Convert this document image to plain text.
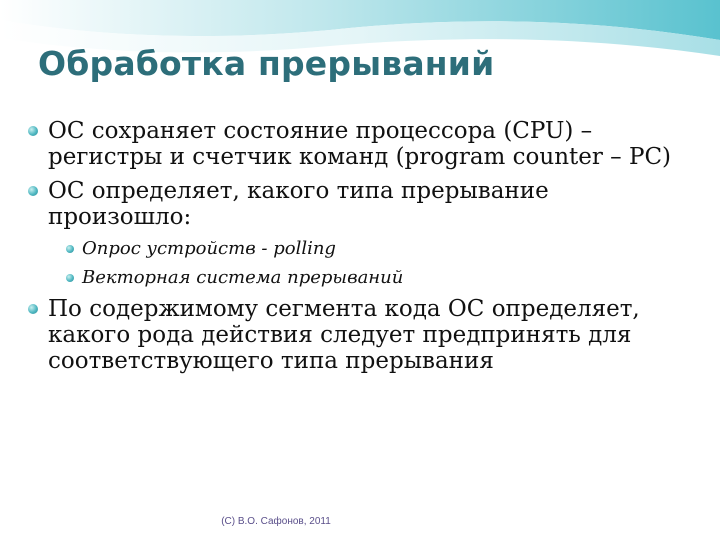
Обработка прерываний
ОС сохраняет состояние процессора (CPU) – регистры и счетчик команд (program counter – PC)
ОС определяет, какого типа прерывание произошло:
Опрос устройств - polling
Векторная система прерываний
По содержимому сегмента кода ОС определяет, какого рода действия следует предпринять для соответствующего типа прерывания
(C) В.О. Сафонов, 2011
